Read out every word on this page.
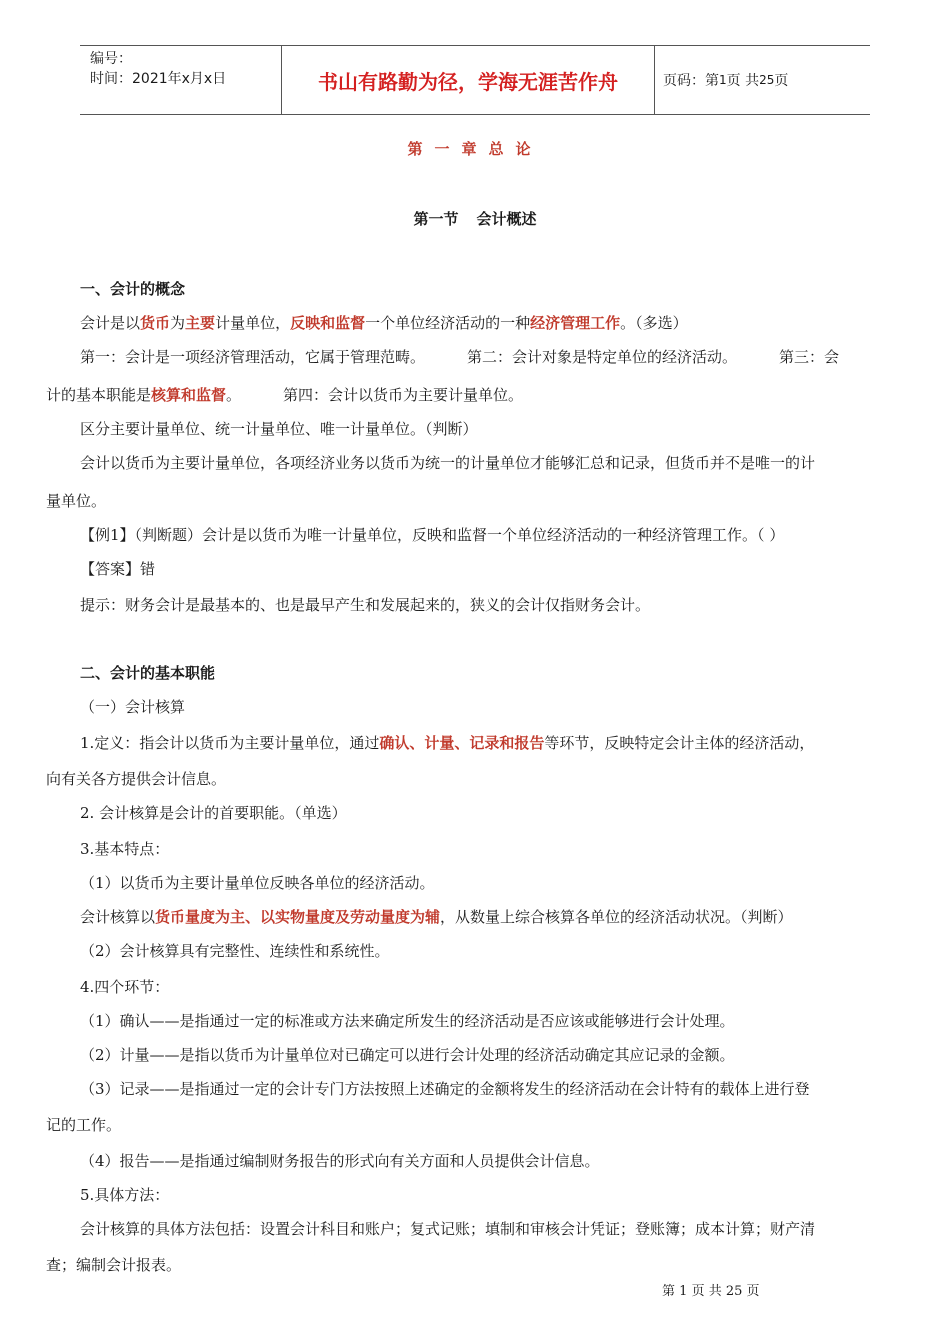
编号：
时间：2021年x月x日	书山有路勤为径，学海无涯苦作舟	页码：第 1 页 共 25 页
第一章总论
第一节 会计概述
一、会计的概念
会计是以货币为主要计量单位，反映和监督一个单位经济活动的一种经济管理工作。（多选）
第一：会计是一项经济管理活动，它属于管理范畴。	第二：会计对象是特定单位的经济活动。	第三：会
计的基本职能是核算和监督。	第四：会计以货币为主要计量单位。
区分主要计量单位、统一计量单位、唯一计量单位。（判断）
会计以货币为主要计量单位，各项经济业务以货币为统一的计量单位才能够汇总和记录，但货币并不是唯一的计
量单位。
【例1】（判断题）会计是以货币为唯一计量单位，反映和监督一个单位经济活动的一种经济管理工作。（ ）
【答案】错
提示：财务会计是最基本的、也是最早产生和发展起来的，狭义的会计仅指财务会计。
二、会计的基本职能
（一）会计核算
1.定义：指会计以货币为主要计量单位，通过确认、计量、记录和报告等环节，反映特定会计主体的经济活动，
向有关各方提供会计信息。
2. 会计核算是会计的首要职能。（单选）
3.基本特点：
（1）以货币为主要计量单位反映各单位的经济活动。
会计核算以货币量度为主、以实物量度及劳动量度为辅，从数量上综合核算各单位的经济活动状况。（判断）
（2）会计核算具有完整性、连续性和系统性。
4.四个环节：
（1）确认——是指通过一定的标准或方法来确定所发生的经济活动是否应该或能够进行会计处理。
（2）计量——是指以货币为计量单位对已确定可以进行会计处理的经济活动确定其应记录的金额。
（3）记录——是指通过一定的会计专门方法按照上述确定的金额将发生的经济活动在会计特有的载体上进行登
记的工作。
（4）报告——是指通过编制财务报告的形式向有关方面和人员提供会计信息。
5.具体方法：
会计核算的具体方法包括：设置会计科目和账户；复式记账；填制和审核会计凭证；登账簿；成本计算；财产清
查；编制会计报表。
第 1 页 共 25 页
